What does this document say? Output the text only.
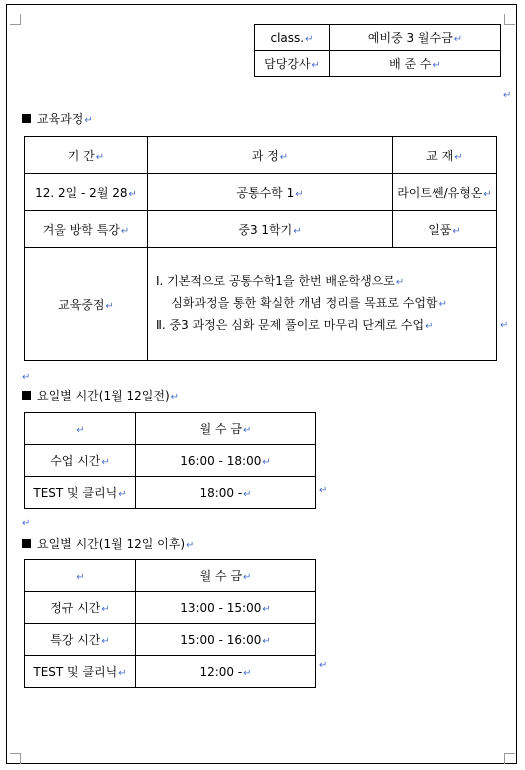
class.↵	예비중 3 월수금↵
담당강사↵	배 준 수↵
↵
교육과정↵
기 간↵	과 정↵	교 재↵
12. 2일 - 2월 28↵	공통수학 1↵	라이트쎈/유형온↵
겨울 방학 특강↵	중3 1학기↵	일품↵
교육중점↵	Ⅰ. 기본적으로 공통수학1을 한번 배운학생으로↵
심화과정을 통한 확실한 개념 정리를 목표로 수업함↵
Ⅱ. 중3 과정은 심화 문제 풀이로 마무리 단계로 수업↵		↵
↵
요일별 시간(1월 12일전)↵
↵	월 수 금↵
수업 시간↵	16:00 - 18:00↵
TEST 및 클리닉↵	18:00 -↵	↵
↵
요일별 시간(1월 12일 이후)↵
↵	월 수 금↵
정규 시간↵	13:00 - 15:00↵
특강 시간↵	15:00 - 16:00↵
TEST 및 클리닉↵	12:00 -↵
↵
